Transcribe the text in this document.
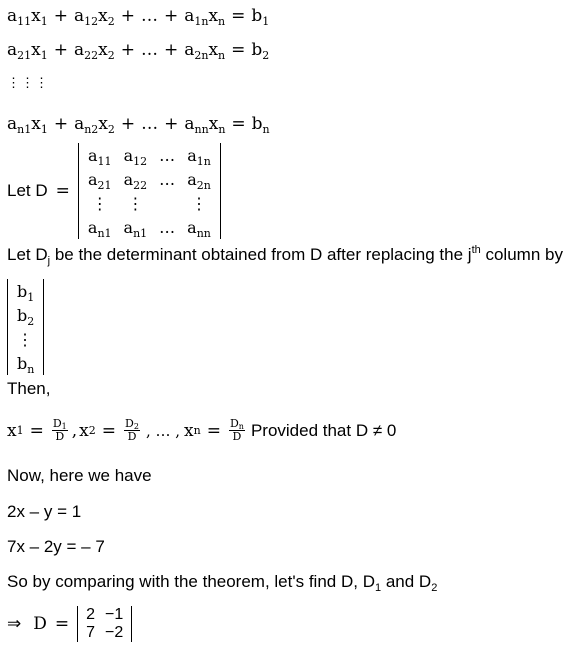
$a_{11}x_1 + a_{12}x_2$ + … + $a_{1n}x_n = b_1$
$a_{21}x_1 + a_{22}x_2$ + … + $a_{2n}x_n = b_2$
⋮⋮⋮
$a_{n1}x_1 + a_{n2}x_2$ + … + $a_{nn}x_n = b_n$
Let D =
$a_{11}$	$a_{12}$	…	$a_{1n}$
$a_{21}$	$a_{22}$	…	$a_{2n}$
⋮	⋮		⋮
$a_{n1}$	$a_{n1}$	…	$a_{nn}$
Let $D_j$ be the determinant obtained from D after replacing the $j^{th}$ column by
$b_1$
$b_2$
⋮
$b_n$
Then,
x $1 = \frac{D_1}{D}$ , x $2 = \frac{D_2}{D}$ , … , x $n = \frac{D_n}{D}$ Provided that D ≠ 0
Now, here we have
2x – y = 1
7x – 2y = – 7
So by comparing with the theorem, let's find D, $D_1$ and $D_2$
⇒ D = 2	−1
7	−2
